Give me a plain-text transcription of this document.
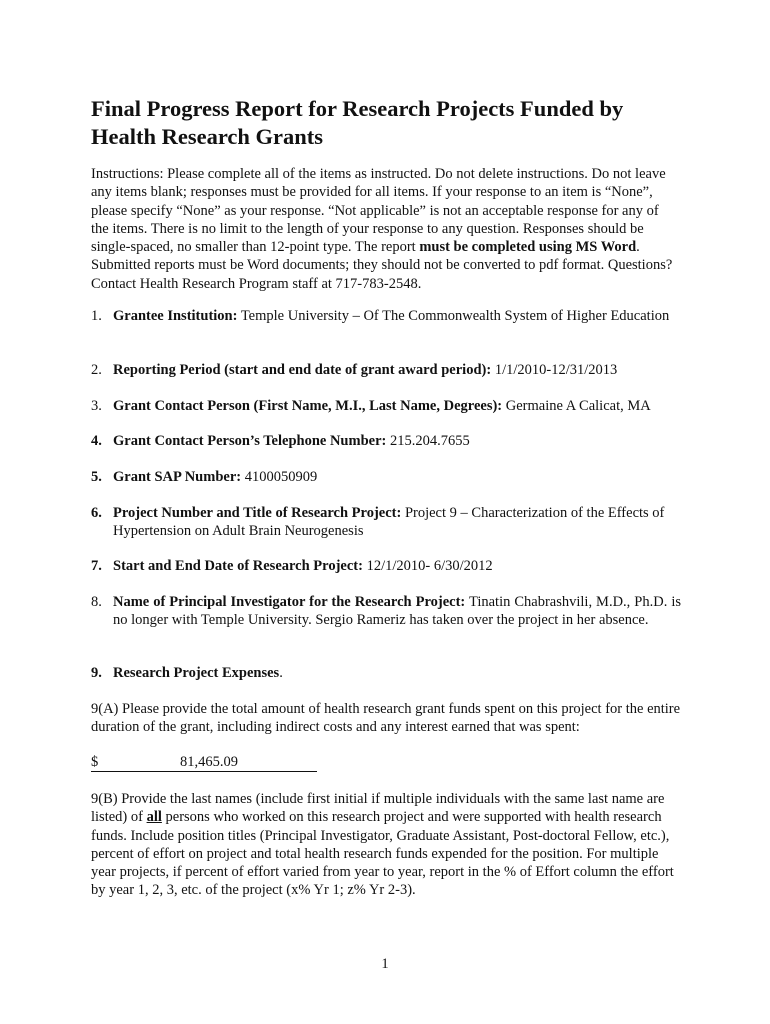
Final Progress Report for Research Projects Funded by Health Research Grants

Instructions: Please complete all of the items as instructed. Do not delete instructions. Do not leave any items blank; responses must be provided for all items. If your response to an item is “None”, please specify “None” as your response. “Not applicable” is not an acceptable response for any of the items. There is no limit to the length of your response to any question. Responses should be single-spaced, no smaller than 12-point type. The report must be completed using MS Word. Submitted reports must be Word documents; they should not be converted to pdf format. Questions? Contact Health Research Program staff at 717-783-2548.

1. Grantee Institution: Temple University – Of The Commonwealth System of Higher Education
2. Reporting Period (start and end date of grant award period): 1/1/2010-12/31/2013
3. Grant Contact Person (First Name, M.I., Last Name, Degrees): Germaine A Calicat, MA
4. Grant Contact Person’s Telephone Number: 215.204.7655
5. Grant SAP Number: 4100050909
6. Project Number and Title of Research Project: Project 9 – Characterization of the Effects of Hypertension on Adult Brain Neurogenesis
7. Start and End Date of Research Project: 12/1/2010- 6/30/2012
8. Name of Principal Investigator for the Research Project: Tinatin Chabrashvili, M.D., Ph.D. is no longer with Temple University. Sergio Rameriz has taken over the project in her absence.
9. Research Project Expenses.

9(A) Please provide the total amount of health research grant funds spent on this project for the entire duration of the grant, including indirect costs and any interest earned that was spent:

$	81,465.09

9(B) Provide the last names (include first initial if multiple individuals with the same last name are listed) of all persons who worked on this research project and were supported with health research funds. Include position titles (Principal Investigator, Graduate Assistant, Post-doctoral Fellow, etc.), percent of effort on project and total health research funds expended for the position. For multiple year projects, if percent of effort varied from year to year, report in the % of Effort column the effort by year 1, 2, 3, etc. of the project (x% Yr 1; z% Yr 2-3).

1
